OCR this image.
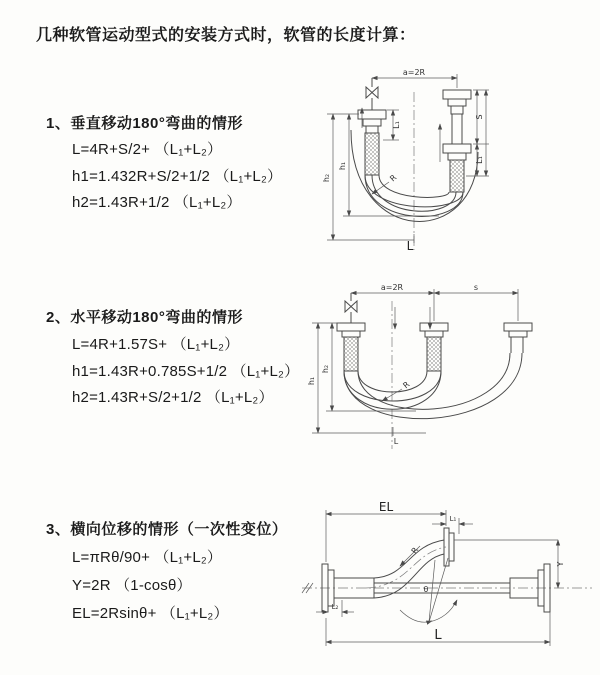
几种软管运动型式的安装方式时，软管的长度计算：
1、垂直移动180°弯曲的情形
L=4R+S/2+ （L₁+L₂）
h1=1.432R+S/2+1/2 （L₁+L₂）
h2=1.43R+1/2 （L₁+L₂）
2、水平移动180°弯曲的情形
L=4R+1.57S+ （L₁+L₂）
h1=1.43R+0.785S+1/2 （L₁+L₂）
h2=1.43R+S/2+1/2 （L₁+L₂）
3、横向位移的情形（一次性变位）
L=πRθ/90+ （L₁+L₂）
Y=2R （1-cosθ）
EL=2Rsinθ+ （L₁+L₂）
a=2R
L₁
S
L₁
h₁
h₂	R
L
a=2R	s
h₁
h₂
R
L
EL
L₁
Y
R
θ
L
L₂
